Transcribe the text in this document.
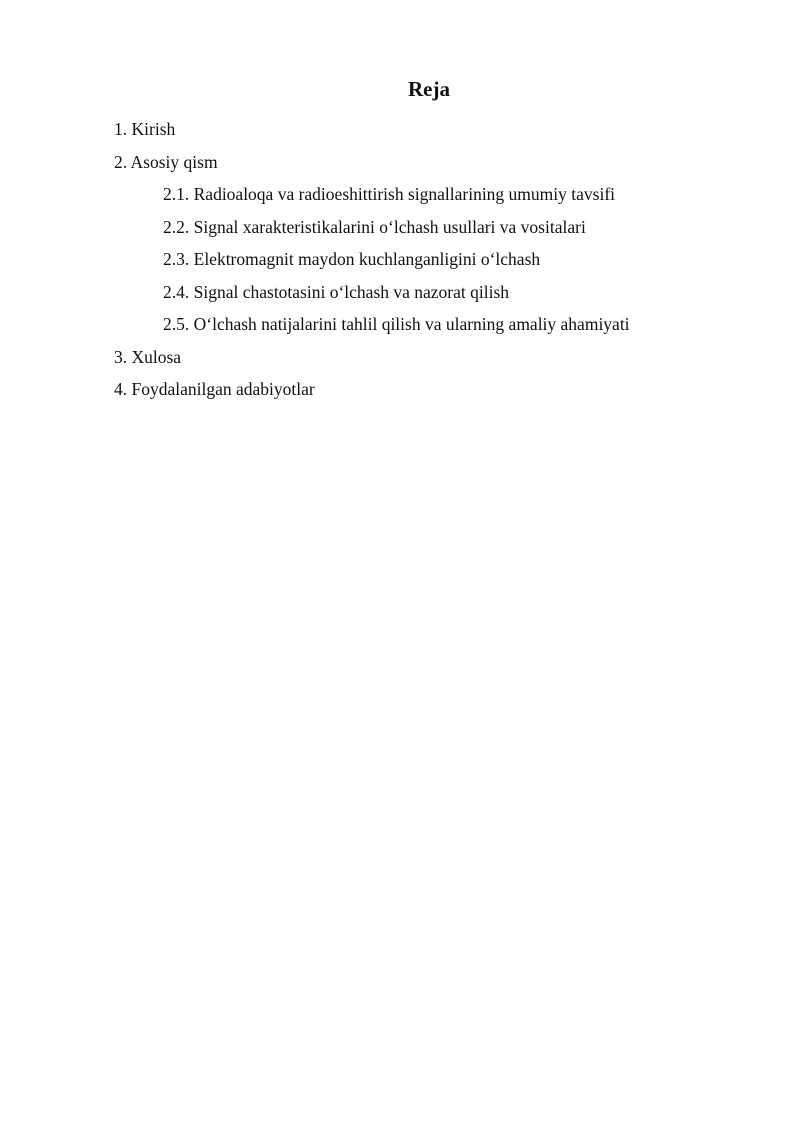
Reja
1. Kirish
2. Asosiy qism
2.1. Radioaloqa va radioeshittirish signallarining umumiy tavsifi
2.2. Signal xarakteristikalarini o‘lchash usullari va vositalari
2.3. Elektromagnit maydon kuchlanganligini o‘lchash
2.4. Signal chastotasini o‘lchash va nazorat qilish
2.5. O‘lchash natijalarini tahlil qilish va ularning amaliy ahamiyati
3. Xulosa
4. Foydalanilgan adabiyotlar
